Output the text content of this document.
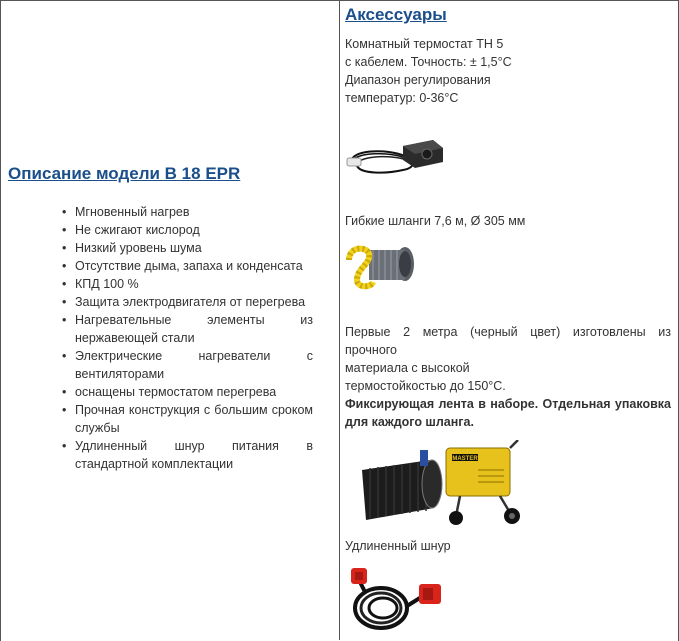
Описание модели В 18 EPR
• Мгновенный нагрев
• Не сжигают кислород
• Низкий уровень шума
• Отсутствие дыма, запаха и конденсата
• КПД 100 %
• Защита электродвигателя от перегрева
• Нагревательные элементы из нержавеющей стали
• Электрические нагреватели с вентиляторами
• оснащены термостатом перегрева
• Прочная конструкция с большим сроком службы
• Удлиненный шнур питания в стандартной комплектации
Аксессуары
Комнатный термостат TH 5
с кабелем. Точность: ± 1,5°C
Диапазон регулирования
температур: 0-36°C
Гибкие шланги 7,6 м, Ø 305 мм
Первые 2 метра (черный цвет) изготовлены из прочного
материала с высокой
термостойкостью до 150°С.
Фиксирующая лента в наборе. Отдельная упаковка для каждого шланга.
MASTER
Удлиненный шнур
